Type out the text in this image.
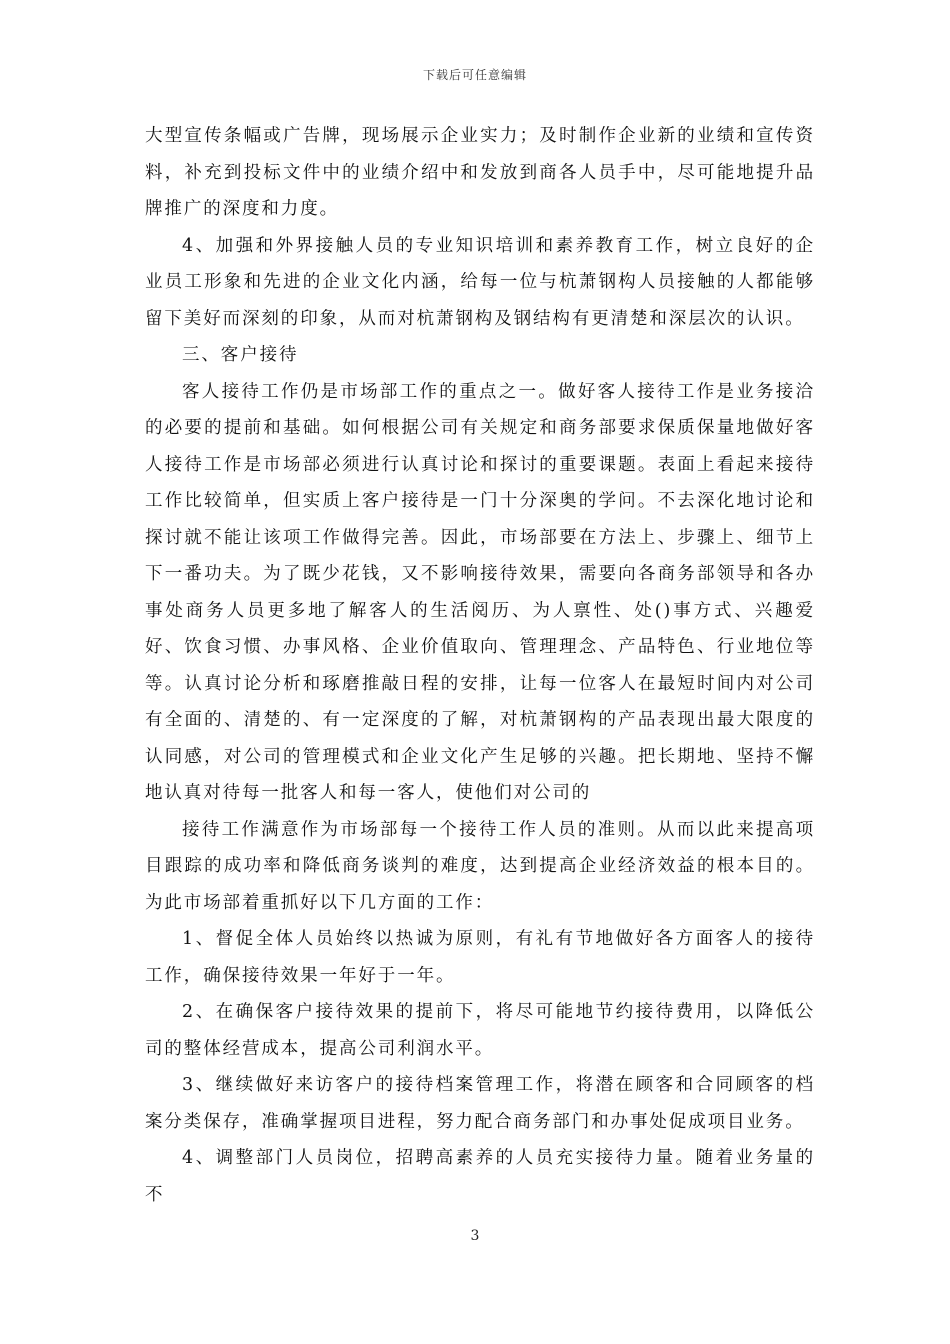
下载后可任意编辑

大型宣传条幅或广告牌，现场展示企业实力；及时制作企业新的业绩和宣传资料，补充到投标文件中的业绩介绍中和发放到商各人员手中，尽可能地提升品牌推广的深度和力度。

4、加强和外界接触人员的专业知识培训和素养教育工作，树立良好的企业员工形象和先进的企业文化内涵，给每一位与杭萧钢构人员接触的人都能够留下美好而深刻的印象，从而对杭萧钢构及钢结构有更清楚和深层次的认识。

三、客户接待

客人接待工作仍是市场部工作的重点之一。做好客人接待工作是业务接洽的必要的提前和基础。如何根据公司有关规定和商务部要求保质保量地做好客人接待工作是市场部必须进行认真讨论和探讨的重要课题。表面上看起来接待工作比较简单，但实质上客户接待是一门十分深奥的学问。不去深化地讨论和探讨就不能让该项工作做得完善。因此，市场部要在方法上、步骤上、细节上下一番功夫。为了既少花钱，又不影响接待效果，需要向各商务部领导和各办事处商务人员更多地了解客人的生活阅历、为人禀性、处()事方式、兴趣爱好、饮食习惯、办事风格、企业价值取向、管理理念、产品特色、行业地位等等。认真讨论分析和琢磨推敲日程的安排，让每一位客人在最短时间内对公司有全面的、清楚的、有一定深度的了解，对杭萧钢构的产品表现出最大限度的认同感，对公司的管理模式和企业文化产生足够的兴趣。把长期地、坚持不懈地认真对待每一批客人和每一客人，使他们对公司的

接待工作满意作为市场部每一个接待工作人员的准则。从而以此来提高项目跟踪的成功率和降低商务谈判的难度，达到提高企业经济效益的根本目的。为此市场部着重抓好以下几方面的工作：

1、督促全体人员始终以热诚为原则，有礼有节地做好各方面客人的接待工作，确保接待效果一年好于一年。

2、在确保客户接待效果的提前下，将尽可能地节约接待费用，以降低公司的整体经营成本，提高公司利润水平。

3、继续做好来访客户的接待档案管理工作，将潜在顾客和合同顾客的档案分类保存，准确掌握项目进程，努力配合商务部门和办事处促成项目业务。

4、调整部门人员岗位，招聘高素养的人员充实接待力量。随着业务量的不

3
